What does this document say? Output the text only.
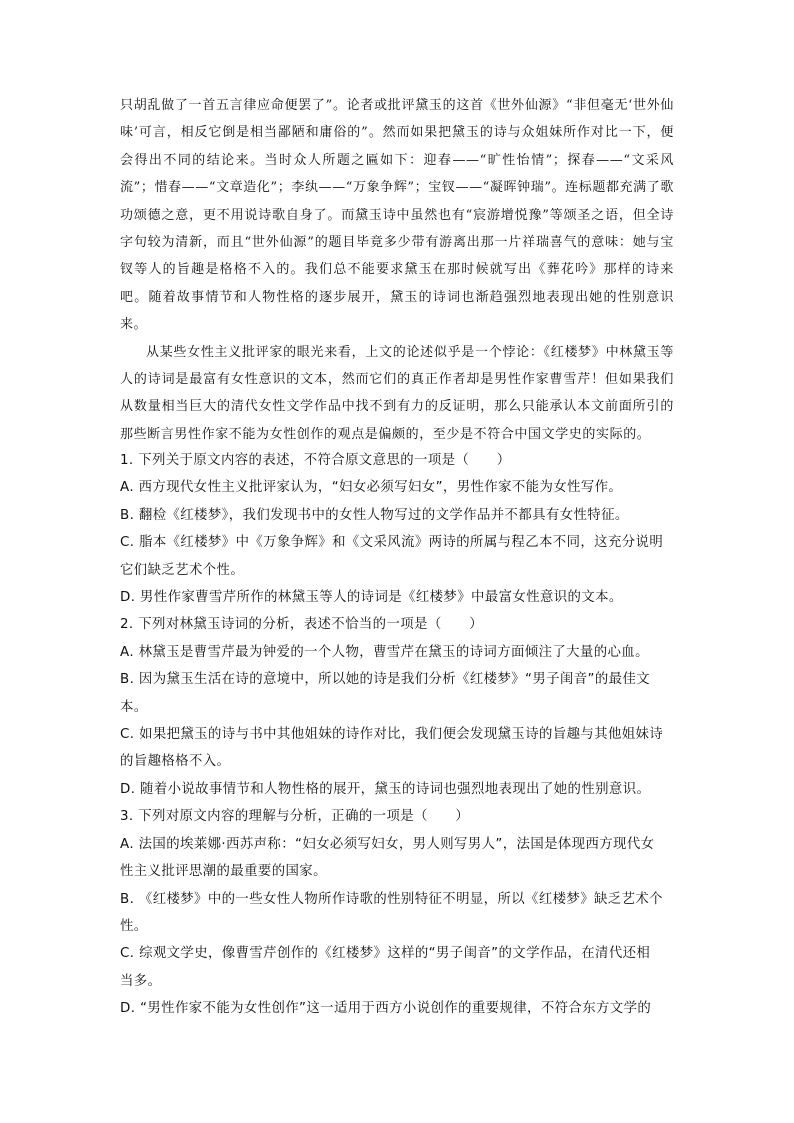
只胡乱做了一首五言律应命便罢了”。论者或批评黛玉的这首《世外仙源》“非但毫无‘世外仙味’可言，相反它倒是相当鄙陋和庸俗的”。然而如果把黛玉的诗与众姐妹所作对比一下，便会得出不同的结论来。当时众人所题之匾如下：迎春——“旷性怡情”；探春——“文采风流”；惜春——“文章造化”；李纨——“万象争辉”；宝钗——“凝晖钟瑞”。连标题都充满了歌功颂德之意，更不用说诗歌自身了。而黛玉诗中虽然也有“宸游增悦豫”等颂圣之语，但全诗字句较为清新，而且“世外仙源”的题目毕竟多少带有游离出那一片祥瑞喜气的意味：她与宝钗等人的旨趣是格格不入的。我们总不能要求黛玉在那时候就写出《葬花吟》那样的诗来吧。随着故事情节和人物性格的逐步展开，黛玉的诗词也渐趋强烈地表现出她的性别意识来。

从某些女性主义批评家的眼光来看，上文的论述似乎是一个悖论：《红楼梦》中林黛玉等人的诗词是最富有女性意识的文本，然而它们的真正作者却是男性作家曹雪芹！但如果我们从数量相当巨大的清代女性文学作品中找不到有力的反证明，那么只能承认本文前面所引的那些断言男性作家不能为女性创作的观点是偏颇的，至少是不符合中国文学史的实际的。

1. 下列关于原文内容的表述，不符合原文意思的一项是（　　）
A. 西方现代女性主义批评家认为，“妇女必须写妇女”，男性作家不能为女性写作。
B. 翻检《红楼梦》，我们发现书中的女性人物写过的文学作品并不都具有女性特征。
C. 脂本《红楼梦》中《万象争辉》和《文采风流》两诗的所属与程乙本不同，这充分说明
它们缺乏艺术个性。
D. 男性作家曹雪芹所作的林黛玉等人的诗词是《红楼梦》中最富女性意识的文本。
2. 下列对林黛玉诗词的分析，表述不恰当的一项是（　　）
A. 林黛玉是曹雪芹最为钟爱的一个人物，曹雪芹在黛玉的诗词方面倾注了大量的心血。
B. 因为黛玉生活在诗的意境中，所以她的诗是我们分析《红楼梦》“男子闺音”的最佳文
本。
C. 如果把黛玉的诗与书中其他姐妹的诗作对比，我们便会发现黛玉诗的旨趣与其他姐妹诗
的旨趣格格不入。
D. 随着小说故事情节和人物性格的展开，黛玉的诗词也强烈地表现出了她的性别意识。
3. 下列对原文内容的理解与分析，正确的一项是（　　）
A. 法国的埃莱娜·西苏声称：“妇女必须写妇女，男人则写男人”，法国是体现西方现代女
性主义批评思潮的最重要的国家。
B. 《红楼梦》中的一些女性人物所作诗歌的性别特征不明显，所以《红楼梦》缺乏艺术个
性。
C. 综观文学史，像曹雪芹创作的《红楼梦》这样的“男子闺音”的文学作品，在清代还相
当多。
D. “男性作家不能为女性创作”这一适用于西方小说创作的重要规律，不符合东方文学的
